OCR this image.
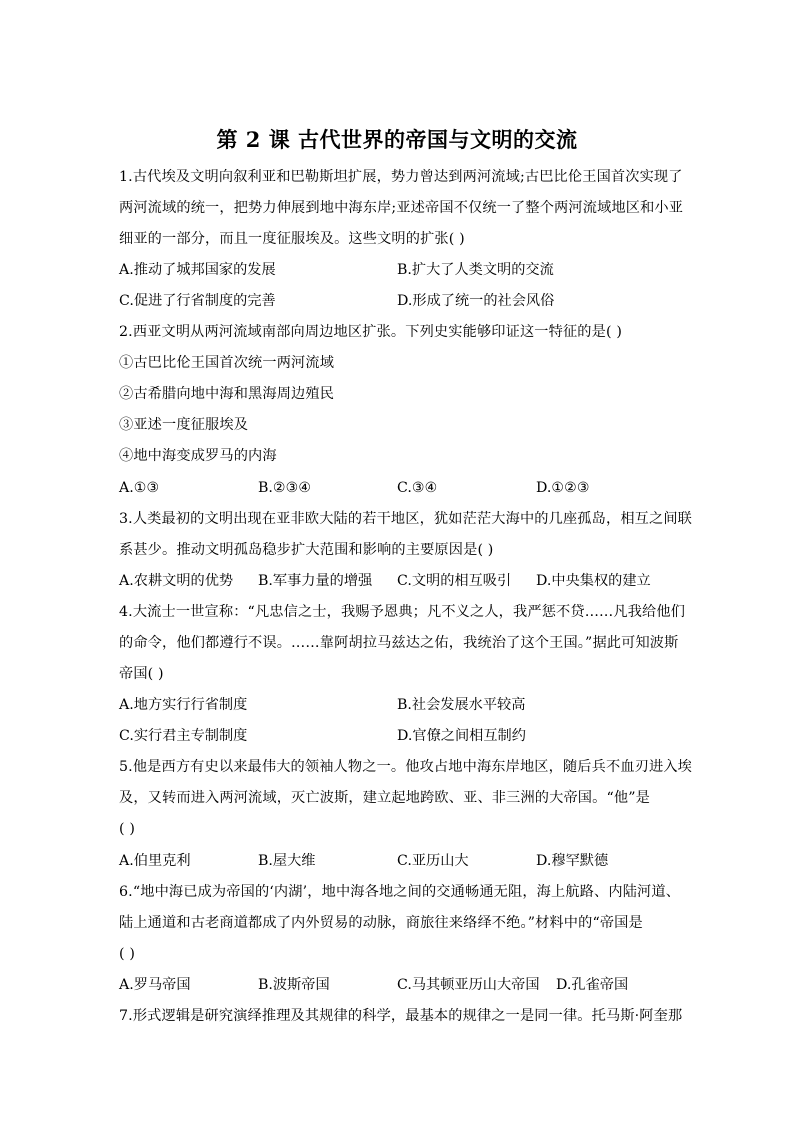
第 2 课 古代世界的帝国与文明的交流
1.古代埃及文明向叙利亚和巴勒斯坦扩展，势力曾达到两河流域;古巴比伦王国首次实现了
两河流域的统一，把势力伸展到地中海东岸;亚述帝国不仅统一了整个两河流域地区和小亚
细亚的一部分，而且一度征服埃及。这些文明的扩张( )
A.推动了城邦国家的发展	B.扩大了人类文明的交流
C.促进了行省制度的完善	D.形成了统一的社会风俗
2.西亚文明从两河流域南部向周边地区扩张。下列史实能够印证这一特征的是( )
①古巴比伦王国首次统一两河流域
②古希腊向地中海和黑海周边殖民
③亚述一度征服埃及
④地中海变成罗马的内海
A.①③	B.②③④	C.③④	D.①②③
3.人类最初的文明出现在亚非欧大陆的若干地区，犹如茫茫大海中的几座孤岛，相互之间联
系甚少。推动文明孤岛稳步扩大范围和影响的主要原因是( )
A.农耕文明的优势 B.军事力量的增强 C.文明的相互吸引 D.中央集权的建立
4.大流士一世宣称：“凡忠信之士，我赐予恩典；凡不义之人，我严惩不贷……凡我给他们
的命令，他们都遵行不误。……靠阿胡拉马兹达之佑，我统治了这个王国。”据此可知波斯
帝国( )
A.地方实行行省制度	B.社会发展水平较高
C.实行君主专制制度	D.官僚之间相互制约
5.他是西方有史以来最伟大的领袖人物之一。他攻占地中海东岸地区，随后兵不血刃进入埃
及，又转而进入两河流域，灭亡波斯，建立起地跨欧、亚、非三洲的大帝国。“他”是
( )
A.伯里克利	B.屋大维	C.亚历山大	D.穆罕默德
6.“地中海已成为帝国的‘内湖’，地中海各地之间的交通畅通无阻，海上航路、内陆河道、
陆上通道和古老商道都成了内外贸易的动脉，商旅往来络绎不绝。”材料中的“帝国是
( )
A.罗马帝国	B.波斯帝国	C.马其顿亚历山大帝国 D.孔雀帝国
7.形式逻辑是研究演绎推理及其规律的科学，最基本的规律之一是同一律。托马斯·阿奎那
